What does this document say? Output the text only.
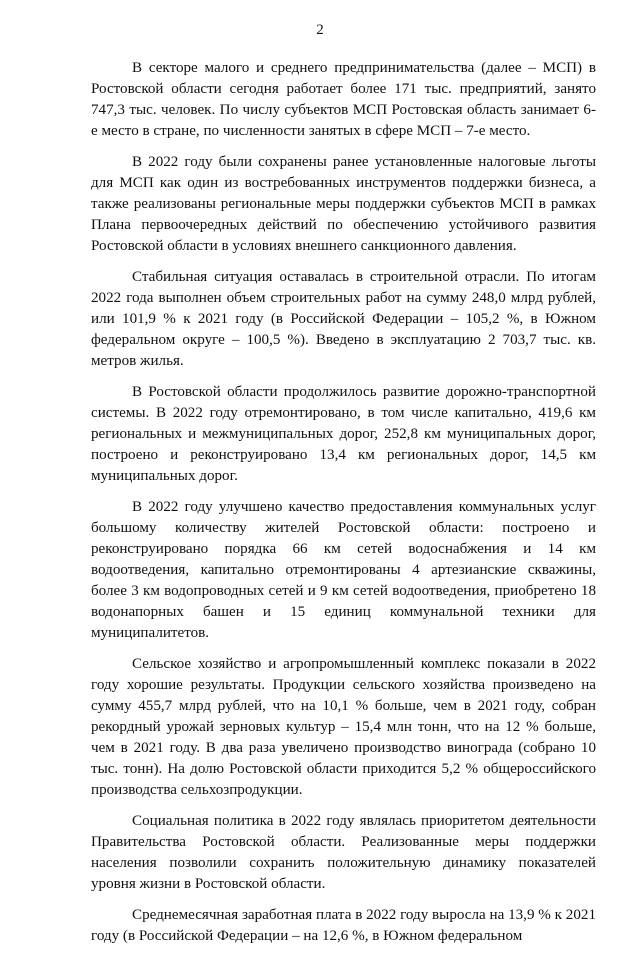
2

В секторе малого и среднего предпринимательства (далее – МСП) в Ростовской области сегодня работает более 171 тыс. предприятий, занято 747,3 тыс. человек. По числу субъектов МСП Ростовская область занимает 6-е место в стране, по численности занятых в сфере МСП – 7-е место.

В 2022 году были сохранены ранее установленные налоговые льготы для МСП как один из востребованных инструментов поддержки бизнеса, а также реализованы региональные меры поддержки субъектов МСП в рамках Плана первоочередных действий по обеспечению устойчивого развития Ростовской области в условиях внешнего санкционного давления.

Стабильная ситуация оставалась в строительной отрасли. По итогам 2022 года выполнен объем строительных работ на сумму 248,0 млрд рублей, или 101,9 % к 2021 году (в Российской Федерации – 105,2 %, в Южном федеральном округе – 100,5 %). Введено в эксплуатацию 2 703,7 тыс. кв. метров жилья.

В Ростовской области продолжилось развитие дорожно-транспортной системы. В 2022 году отремонтировано, в том числе капитально, 419,6 км региональных и межмуниципальных дорог, 252,8 км муниципальных дорог, построено и реконструировано 13,4 км региональных дорог, 14,5 км муниципальных дорог.

В 2022 году улучшено качество предоставления коммунальных услуг большому количеству жителей Ростовской области: построено и реконструировано порядка 66 км сетей водоснабжения и 14 км водоотведения, капитально отремонтированы 4 артезианские скважины, более 3 км водопроводных сетей и 9 км сетей водоотведения, приобретено 18 водонапорных башен и 15 единиц коммунальной техники для муниципалитетов.

Сельское хозяйство и агропромышленный комплекс показали в 2022 году хорошие результаты. Продукции сельского хозяйства произведено на сумму 455,7 млрд рублей, что на 10,1 % больше, чем в 2021 году, собран рекордный урожай зерновых культур – 15,4 млн тонн, что на 12 % больше, чем в 2021 году. В два раза увеличено производство винограда (собрано 10 тыс. тонн). На долю Ростовской области приходится 5,2 % общероссийского производства сельхозпродукции.

Социальная политика в 2022 году являлась приоритетом деятельности Правительства Ростовской области. Реализованные меры поддержки населения позволили сохранить положительную динамику показателей уровня жизни в Ростовской области.

Среднемесячная заработная плата в 2022 году выросла на 13,9 % к 2021 году (в Российской Федерации – на 12,6 %, в Южном федеральном
